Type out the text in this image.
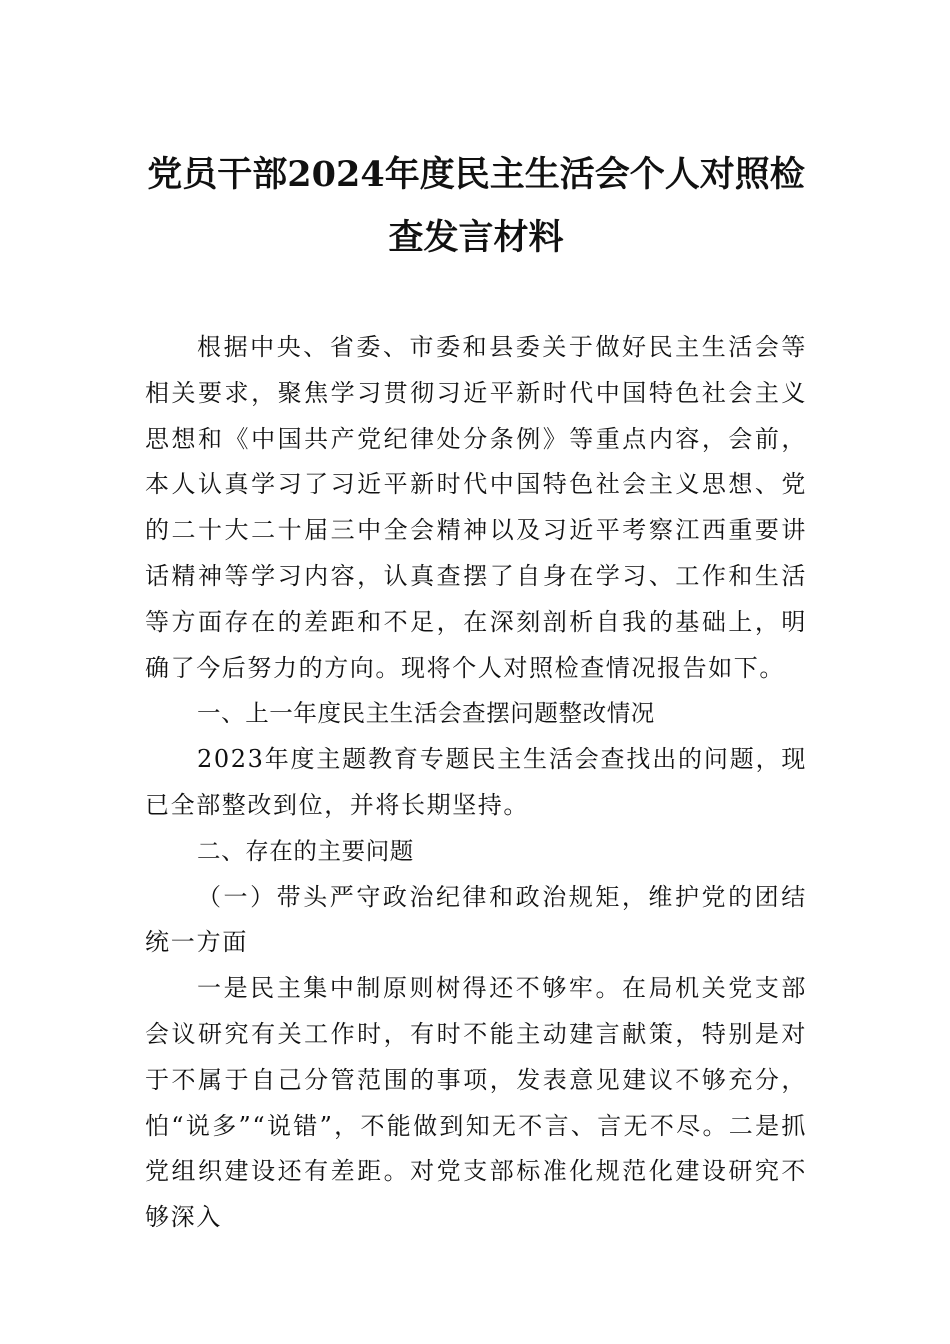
党员干部2024年度民主生活会个人对照检查发言材料

根据中央、省委、市委和县委关于做好民主生活会等相关要求，聚焦学习贯彻习近平新时代中国特色社会主义思想和《中国共产党纪律处分条例》等重点内容，会前，本人认真学习了习近平新时代中国特色社会主义思想、党的二十大二十届三中全会精神以及习近平考察江西重要讲话精神等学习内容，认真查摆了自身在学习、工作和生活等方面存在的差距和不足，在深刻剖析自我的基础上，明确了今后努力的方向。现将个人对照检查情况报告如下。

一、上一年度民主生活会查摆问题整改情况

2023年度主题教育专题民主生活会查找出的问题，现已全部整改到位，并将长期坚持。

二、存在的主要问题

（一）带头严守政治纪律和政治规矩，维护党的团结统一方面

一是民主集中制原则树得还不够牢。在局机关党支部会议研究有关工作时，有时不能主动建言献策，特别是对于不属于自己分管范围的事项，发表意见建议不够充分，怕“说多”“说错”，不能做到知无不言、言无不尽。二是抓党组织建设还有差距。对党支部标准化规范化建设研究不够深入
